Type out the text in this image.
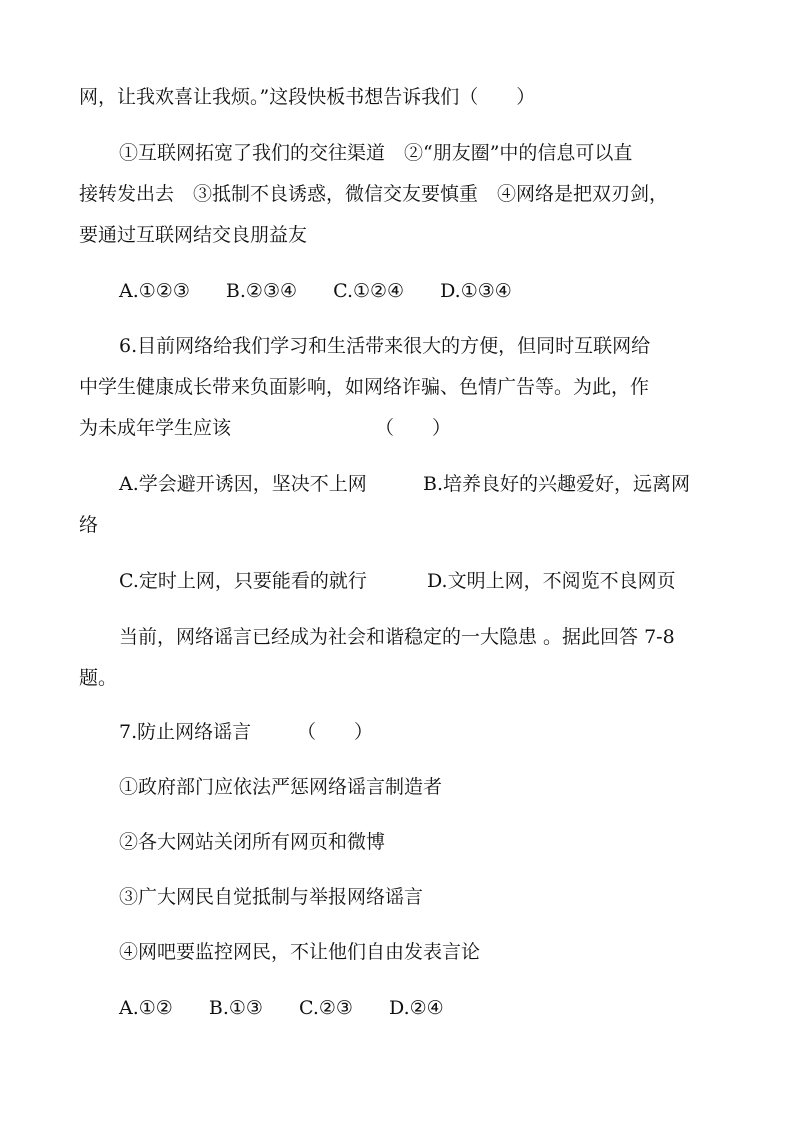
网，让我欢喜让我烦。”这段快板书想告诉我们（　　）
①互联网拓宽了我们的交往渠道　②“朋友圈”中的信息可以直
接转发出去　③抵制不良诱惑，微信交友要慎重　④网络是把双刃剑，
要通过互联网结交良朋益友
A.①②③ B.②③④ C.①②④ D.①③④
6.目前网络给我们学习和生活带来很大的方便，但同时互联网给
中学生健康成长带来负面影响，如网络诈骗、色情广告等。为此，作
为未成年学生应该	（　　）
A.学会避开诱因，坚决不上网	B.培养良好的兴趣爱好，远离网
络
C.定时上网，只要能看的就行	D.文明上网，不阅览不良网页
当前，网络谣言已经成为社会和谐稳定的一大隐患 。据此回答 7-8
题。
7.防止网络谣言 （　　）
①政府部门应依法严惩网络谣言制造者
②各大网站关闭所有网页和微博
③广大网民自觉抵制与举报网络谣言
④网吧要监控网民，不让他们自由发表言论
A.①② B.①③ C.②③ D.②④
